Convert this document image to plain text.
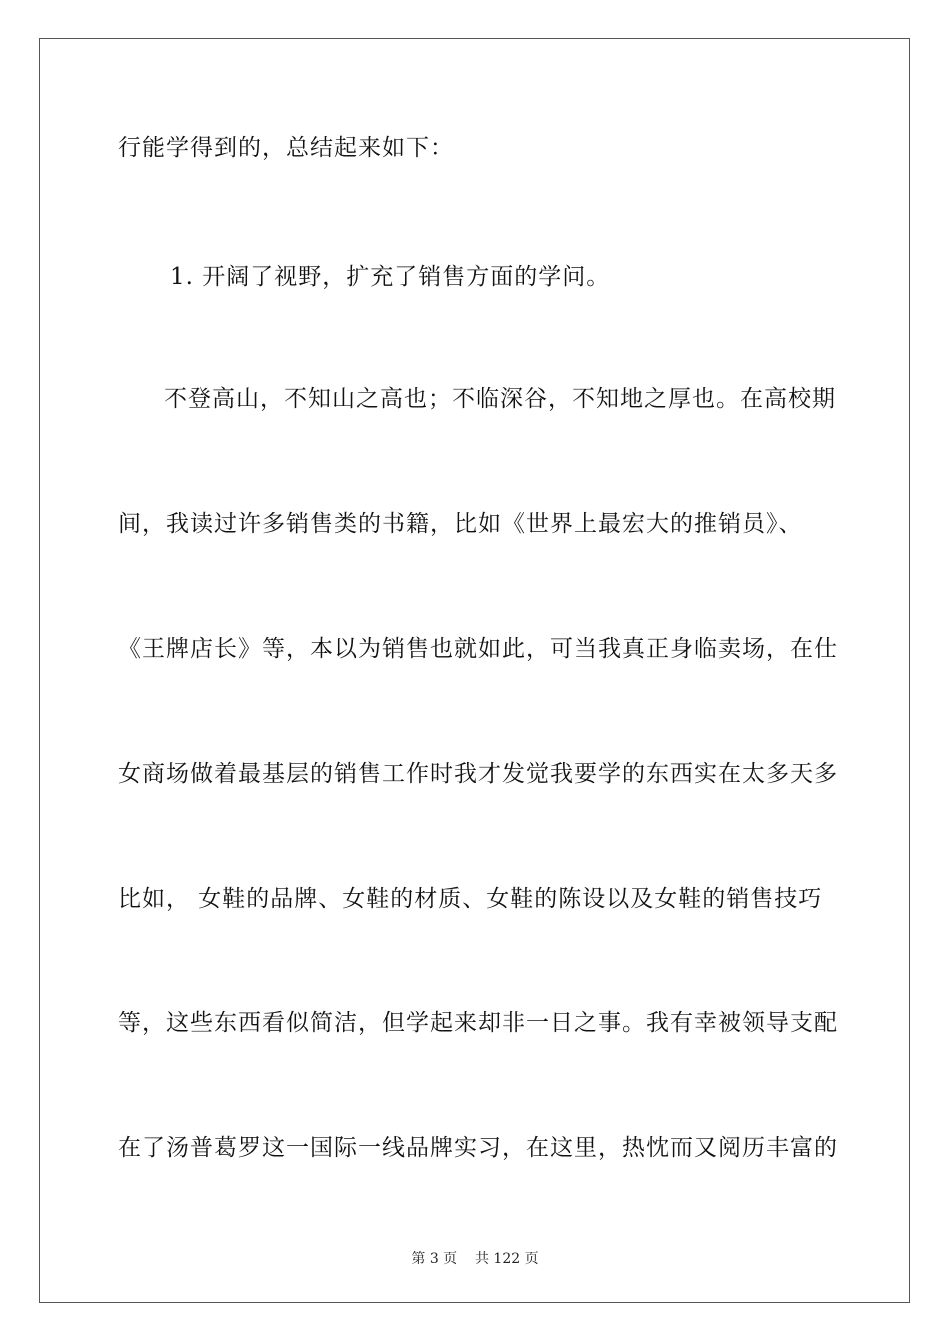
行能学得到的，总结起来如下：
1. 开阔了视野，扩充了销售方面的学问。
不登高山，不知山之高也；不临深谷，不知地之厚也。在高校期
间，我读过许多销售类的书籍，比如《世界上最宏大的推销员》、
《王牌店长》等，本以为销售也就如此，可当我真正身临卖场，在仕
女商场做着最基层的销售工作时我才发觉我要学的东西实在太多天多
比如， 女鞋的品牌、女鞋的材质、女鞋的陈设以及女鞋的销售技巧
等，这些东西看似简洁，但学起来却非一日之事。我有幸被领导支配
在了汤普葛罗这一国际一线品牌实习，在这里，热忱而又阅历丰富的
第 3 页    共 122 页
